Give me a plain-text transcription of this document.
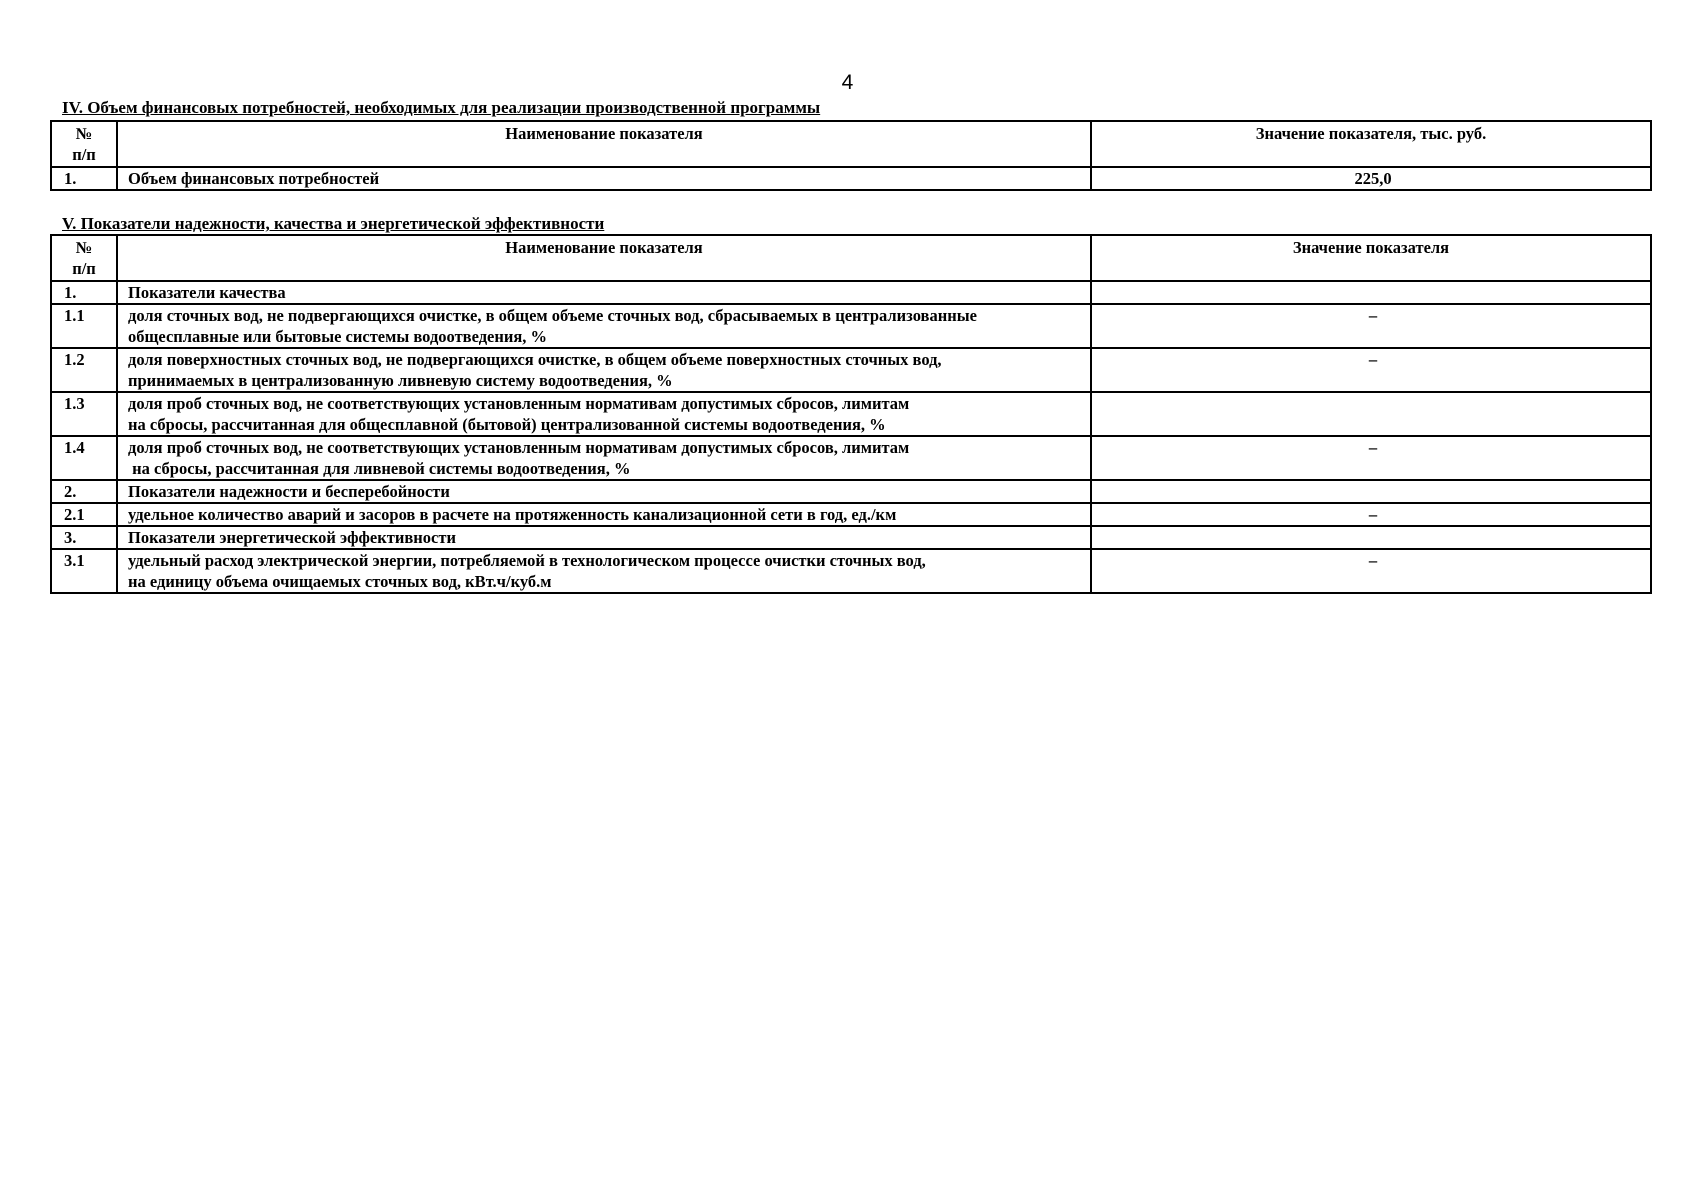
4
IV. Объем финансовых потребностей, необходимых для реализации производственной программы
№
п/п	Наименование показателя	Значение показателя, тыс. руб.
1.	Объем финансовых потребностей	225,0
V. Показатели надежности, качества и энергетической эффективности
№
п/п	Наименование показателя	Значение показателя
1.	Показатели качества	

1.1	доля сточных вод, не подвергающихся очистке, в общем объеме сточных вод, сбрасываемых в централизованные
общесплавные или бытовые системы водоотведения, %	–
1.2	доля поверхностных сточных вод, не подвергающихся очистке, в общем объеме поверхностных сточных вод,
принимаемых в централизованную ливневую систему водоотведения, %	–
1.3	доля проб сточных вод, не соответствующих установленным нормативам допустимых сбросов, лимитам
на сбросы, рассчитанная для общесплавной (бытовой) централизованной системы водоотведения, %	

1.4	доля проб сточных вод, не соответствующих установленным нормативам допустимых сбросов, лимитам
на сбросы, рассчитанная для ливневой системы водоотведения, %	–
2.	Показатели надежности и бесперебойности	

2.1	удельное количество аварий и засоров в расчете на протяженность канализационной сети в год, ед./км	–
3.	Показатели энергетической эффективности	

3.1	удельный расход электрической энергии, потребляемой в технологическом процессе очистки сточных вод,
на единицу объема очищаемых сточных вод, кВт.ч/куб.м	–
